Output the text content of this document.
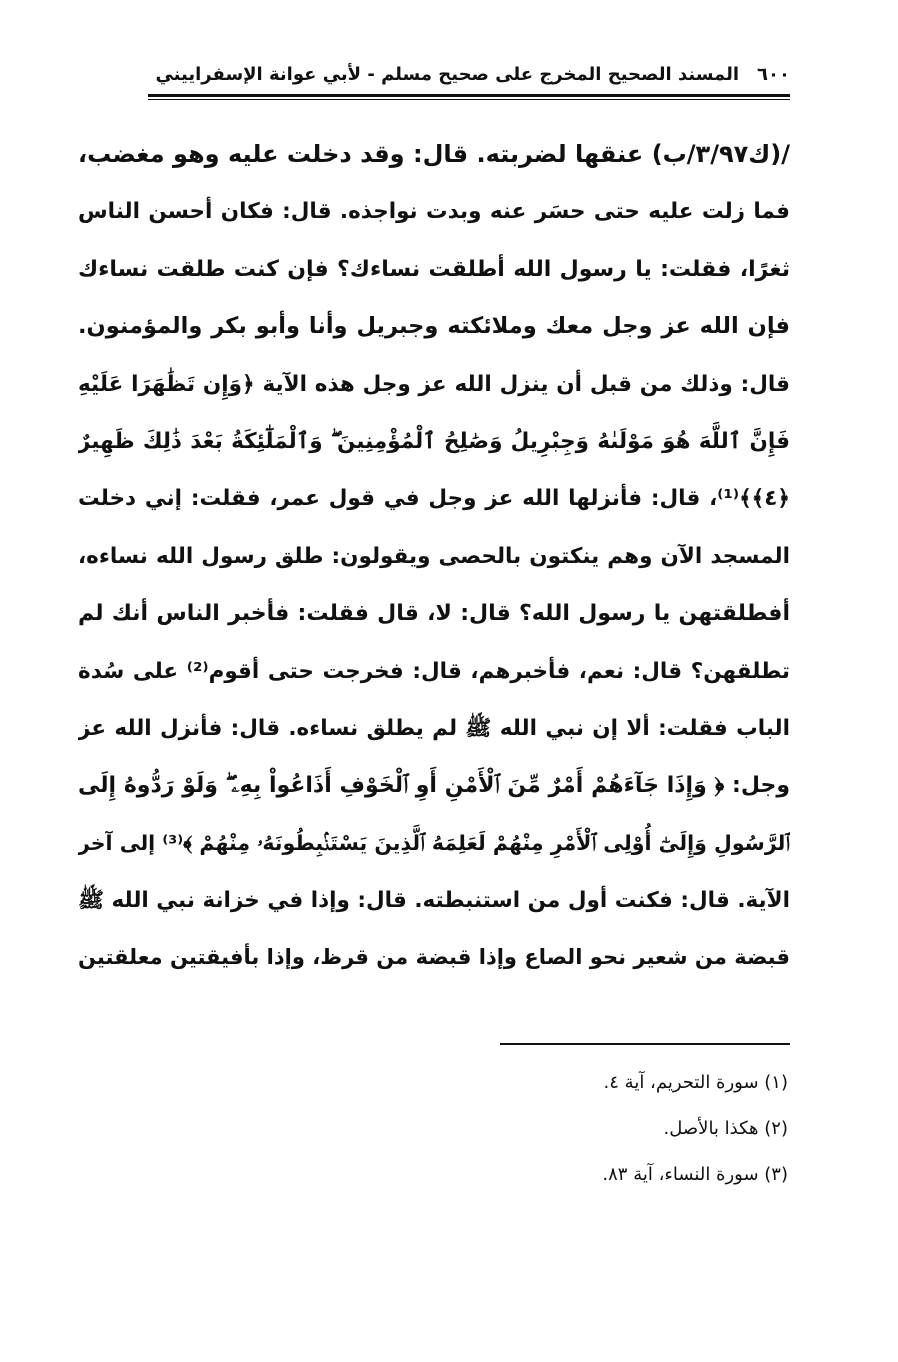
٦٠٠
المسند الصحيح المخرج على صحيح مسلم - لأبي عوانة الإسفراييني
/(ك٣/٩٧/ب) عنقها لضربته. قال: وقد دخلت عليه وهو مغضب،
فما زلت عليه حتى حسَر عنه وبدت نواجذه. قال: فكان أحسن الناس
ثغرًا، فقلت: يا رسول الله أطلقت نساءك؟ فإن كنت طلقت نساءك
فإن الله عز وجل معك وملائكته وجبريل وأنا وأبو بكر والمؤمنون.
قال: وذلك من قبل أن ينزل الله عز وجل هذه الآية ﴿وَإِن تَظَٰهَرَا عَلَيْهِ
فَإِنَّ ٱللَّهَ هُوَ مَوْلَىٰهُ وَجِبْرِيلُ وَصَٰلِحُ ٱلْمُؤْمِنِينَ ۖ وَٱلْمَلَٰٓئِكَةُ بَعْدَ ذَٰلِكَ ظَهِيرٌ
﴿٤﴾﴾⁽¹⁾، قال: فأنزلها الله عز وجل في قول عمر، فقلت: إني دخلت
المسجد الآن وهم ينكتون بالحصى ويقولون: طلق رسول الله نساءه،
أفطلقتهن يا رسول الله؟ قال: لا، قال فقلت: فأخبر الناس أنك لم
تطلقهن؟ قال: نعم، فأخبرهم، قال: فخرجت حتى أقوم⁽²⁾ على سُدة
الباب فقلت: ألا إن نبي الله ﷺ لم يطلق نساءه. قال: فأنزل الله عز
وجل: ﴿ وَإِذَا جَآءَهُمْ أَمْرٌ مِّنَ ٱلْأَمْنِ أَوِ ٱلْخَوْفِ أَذَاعُواْ بِهِۦ ۖ وَلَوْ رَدُّوهُ إِلَى
ٱلرَّسُولِ وَإِلَىٰٓ أُوْلِى ٱلْأَمْرِ مِنْهُمْ لَعَلِمَهُ ٱلَّذِينَ يَسْتَنۢبِطُونَهُۥ مِنْهُمْ ﴾⁽³⁾ إلى آخر
الآية. قال: فكنت أول من استنبطته. قال: وإذا في خزانة نبي الله ﷺ
قبضة من شعير نحو الصاع وإذا قبضة من قرظ، وإذا بأفيقتين معلقتين
(١) سورة التحريم، آية ٤.
(٢) هكذا بالأصل.
(٣) سورة النساء، آية ٨٣.
